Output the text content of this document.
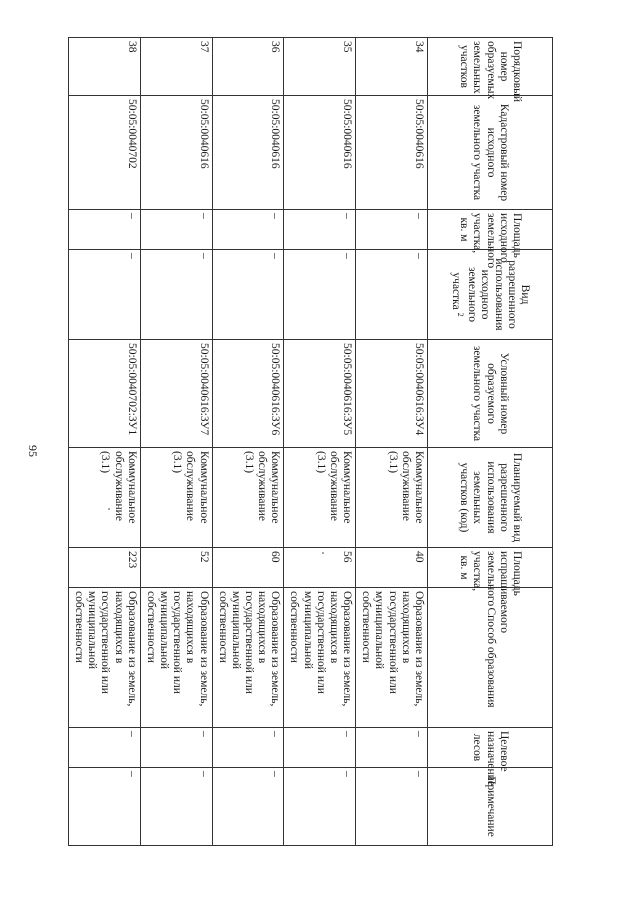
95
Порядковый номер образуемых земельных участков	Кадастровый номер исходного земельного участка	Площадь исходного земельного участка, кв. м	Вид разрешенного использования исходного земельного участка $^2$	Условный номер образуемого земельного участка	Планируемый вид разрешенного использования земельных участков (код)	Площадь испрашиваемого земельного участка, кв. м	Способ образования	Целевое назначение лесов	Примечание
34	50:05:0040616	–	–	50:05:0040616:ЗУ4	Коммунальное обслуживание (3.1)	40	Образование из земель, находящихся в государственной или муниципальной собственности	–	–
35	50:05:0040616	–	–	50:05:0040616:ЗУ5	Коммунальное обслуживание (3.1)	56	Образование из земель, находящихся в государственной или муниципальной собственности	–	–
36	50:05:0040616	–	–	50:05:0040616:ЗУ6	Коммунальное обслуживание (3.1)	60	Образование из земель, находящихся в государственной или муниципальной собственности	–	–
37	50:05:0040616	–	–	50:05:0040616:ЗУ7	Коммунальное обслуживание (3.1)	52	Образование из земель, находящихся в государственной или муниципальной собственности	–	–
38	50:05:0040702	–	–	50:05:0040702:ЗУ1	Коммунальное обслуживание (3.1)	223	Образование из земель, находящихся в государственной или муниципальной собственности	–	–
